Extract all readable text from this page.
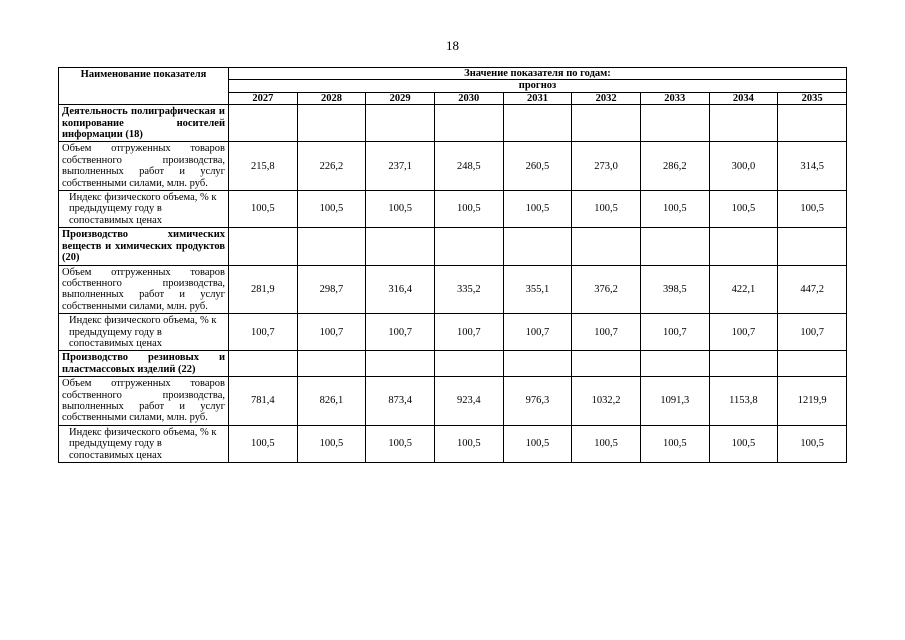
18
Наименование показателя	Значение показателя по годам:								
	прогноз								
	2027	2028	2029	2030	2031	2032	2033	2034	2035
Деятельность полиграфическая и копирование носителей информации (18)									
Объем отгруженных товаров собственного производства, выполненных работ и услуг собственными силами, млн. руб.	215,8	226,2	237,1	248,5	260,5	273,0	286,2	300,0	314,5
Индекс физического объема, % к предыдущему году в сопоставимых ценах	100,5	100,5	100,5	100,5	100,5	100,5	100,5	100,5	100,5
Производство химических веществ и химических продуктов (20)									
Объем отгруженных товаров собственного производства, выполненных работ и услуг собственными силами, млн. руб.	281,9	298,7	316,4	335,2	355,1	376,2	398,5	422,1	447,2
Индекс физического объема, % к предыдущему году в сопоставимых ценах	100,7	100,7	100,7	100,7	100,7	100,7	100,7	100,7	100,7
Производство резиновых и пластмассовых изделий (22)									
Объем отгруженных товаров собственного производства, выполненных работ и услуг собственными силами, млн. руб.	781,4	826,1	873,4	923,4	976,3	1032,2	1091,3	1153,8	1219,9
Индекс физического объема, % к предыдущему году в сопоставимых ценах	100,5	100,5	100,5	100,5	100,5	100,5	100,5	100,5	100,5
